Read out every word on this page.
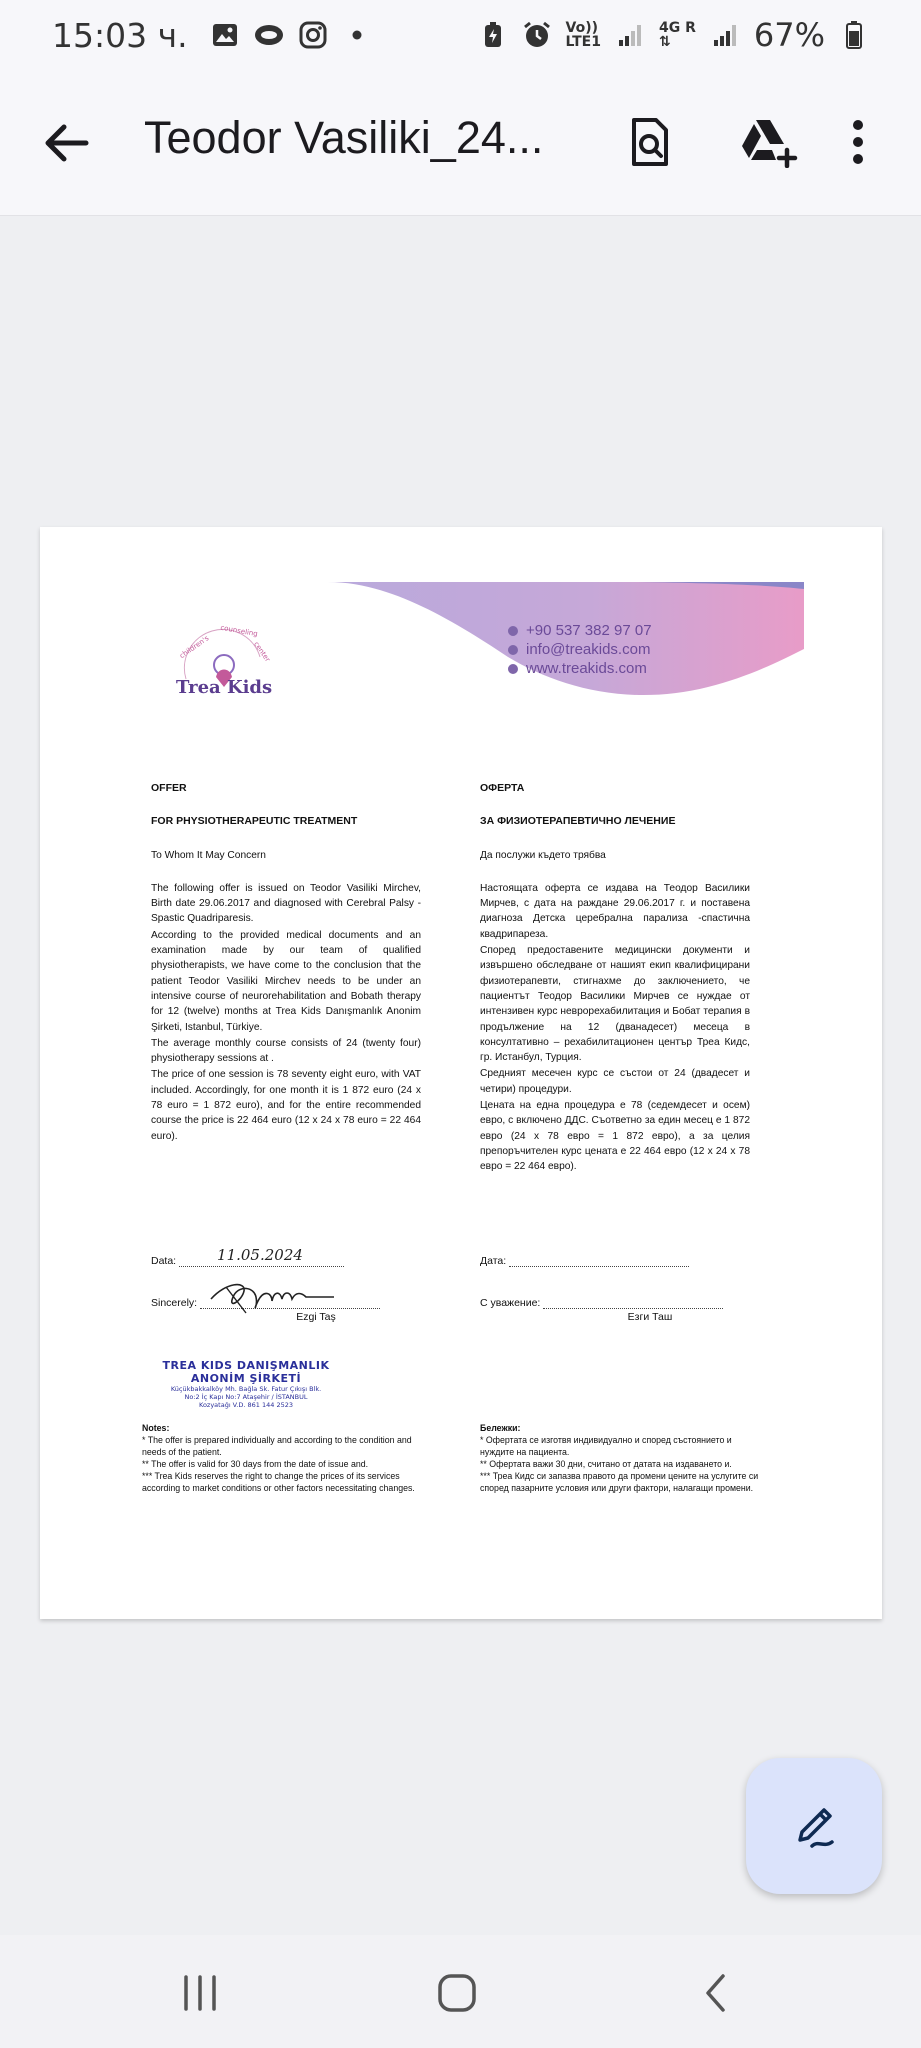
15:03 ч.	Vo))
LTE1
4G R
⇅	67%
Teodor Vasiliki_24...
children's
counseling
center
Trea Kids
+90 537 382 97 07
info@treakids.com
www.treakids.com
OFFER
FOR PHYSIOTHERAPEUTIC TREATMENT
To Whom It May Concern
The following offer is issued on Teodor Vasiliki Mirchev, Birth date 29.06.2017 and diagnosed with Cerebral Palsy - Spastic Quadriparesis.
According to the provided medical documents and an examination made by our team of qualified physiotherapists, we have come to the conclusion that the patient Teodor Vasiliki Mirchev needs to be under an intensive course of neurorehabilitation and Bobath therapy for 12 (twelve) months at Trea Kids Danışmanlık Anonim Şirketi, Istanbul, Türkiye.
The average monthly course consists of 24 (twenty four) physiotherapy sessions at .
The price of one session is 78 seventy eight euro, with VAT included. Accordingly, for one month it is 1 872 euro (24 x 78 euro = 1 872 euro), and for the entire recommended course the price is 22 464 euro (12 x 24 x 78 euro = 22 464 euro).
ОФЕРТА
ЗА ФИЗИОТЕРАПЕВТИЧНО ЛЕЧЕНИЕ
Да послужи където трябва
Настоящата оферта се издава на Теодор Василики Мирчев, с дата на раждане 29.06.2017 г. и поставена диагноза Детска церебрална парализа -спастична квадрипареза.
Според предоставените медицински документи и извършено обследване от нашият екип квалифицирани физиотерапевти, стигнахме до заключението, че пациентът Теодор Василики Мирчев се нуждае от интензивен курс неврорехабилитация и Бобат терапия в продължение на 12 (дванадесет) месеца в консултативно – рехабилитационен център Треа Кидс, гр. Истанбул, Турция.
Средният месечен курс се състои от 24 (двадесет и четири) процедури.
Цената на една процедура е 78 (седемдесет и осем) евро, с включено ДДС. Съответно за един месец е 1 872 евро (24 х 78 евро = 1 872 евро), а за целия препоръчителен курс цената е 22 464 евро (12 х 24 х 78 евро = 22 464 евро).
Data:	11.05.2024
Sincerely:
Ezgi Taş
Дата:
С уважение:
Езги Таш
TREA KIDS DANIŞMANLIK
ANONİM ŞİRKETİ
Küçükbakkalköy Mh. Bağla Sk. Fatur Çıkışı Blk.
No:2 İç Kapı No:7 Ataşehir / İSTANBUL
Kozyatağı V.D. 861 144 2523
Notes:
* The offer is prepared individually and according to the condition and needs of the patient.
** The offer is valid for 30 days from the date of issue and.
*** Trea Kids reserves the right to change the prices of its services according to market conditions or other factors necessitating changes.
Бележки:
* Офертата се изготвя индивидуално и според състоянието и нуждите на пациента.
** Офертата важи 30 дни, считано от датата на издаването и.
*** Треа Кидс си запазва правото да промени цените на услугите си според пазарните условия или други фактори, налагащи промени.
